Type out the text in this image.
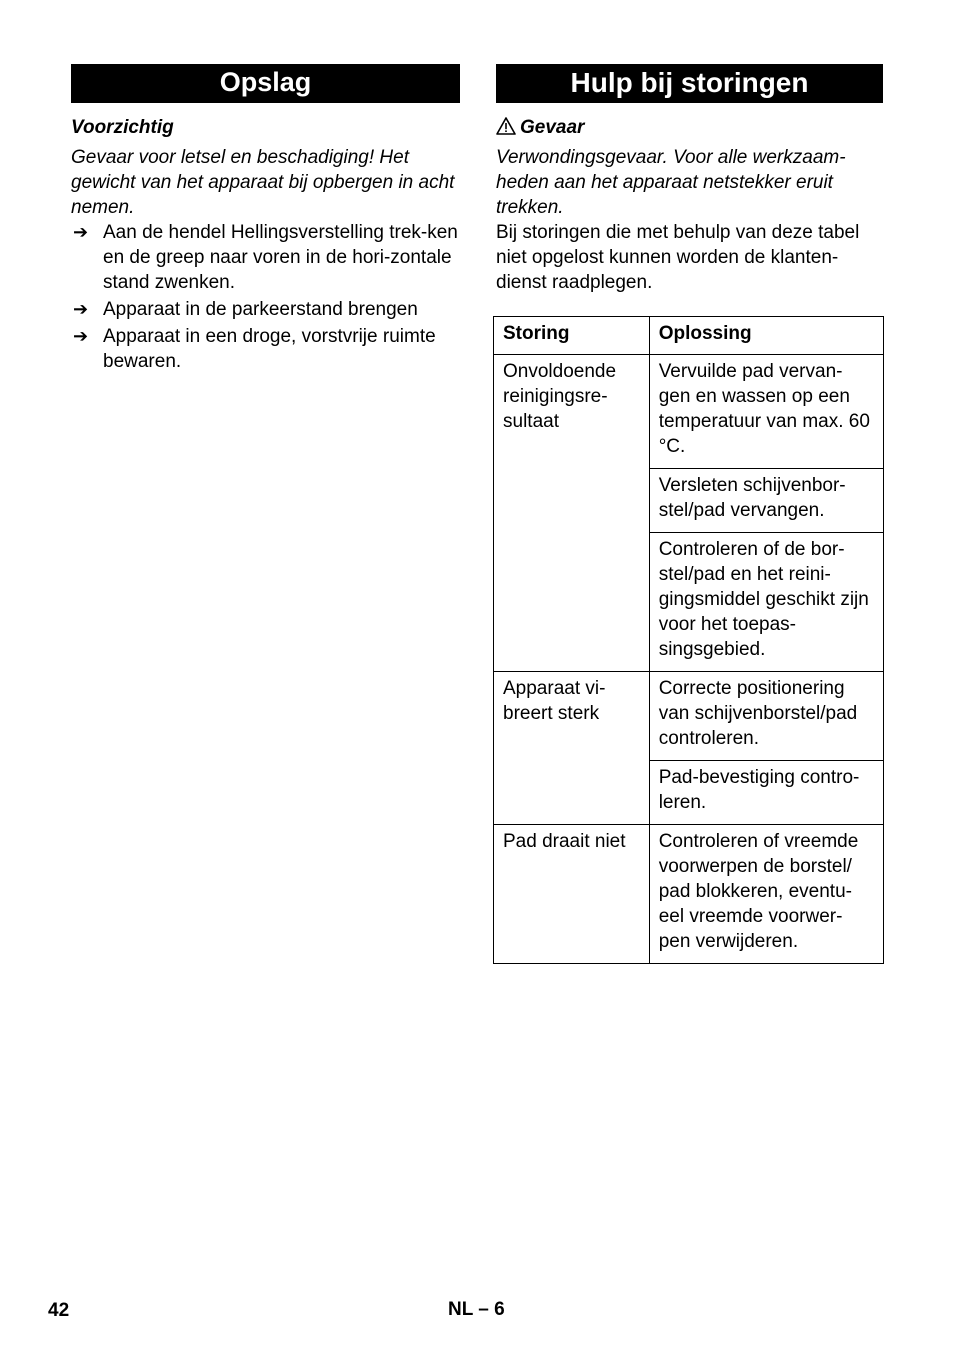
Opslag
Voorzichtig

Gevaar voor letsel en beschadiging! Het gewicht van het apparaat bij opbergen in acht nemen.

➔ Aan de hendel Hellingsverstelling trek-ken en de greep naar voren in de hori-zontale stand zwenken.
➔ Apparaat in de parkeerstand brengen
➔ Apparaat in een droge, vorstvrije ruimte bewaren.
Hulp bij storingen
Gevaar

Verwondingsgevaar. Voor alle werkzaam-heden aan het apparaat netstekker eruit trekken.

Bij storingen die met behulp van deze tabel niet opgelost kunnen worden de klanten-dienst raadplegen.

Storing	Oplossing
Onvoldoende reinigingsre-sultaat	Vervuilde pad vervan-gen en wassen op een temperatuur van max. 60 °C.
	Versleten schijvenbor-stel/pad vervangen.
	Controleren of de bor-stel/pad en het reini-gingsmiddel geschikt zijn voor het toepas-singsgebied.
Apparaat vi-breert sterk	Correcte positionering van schijvenborstel/pad controleren.
	Pad-bevestiging contro-leren.
Pad draait niet	Controleren of vreemde voorwerpen de borstel/ pad blokkeren, eventu-eel vreemde voorwer-pen verwijderen.
42	NL – 6
